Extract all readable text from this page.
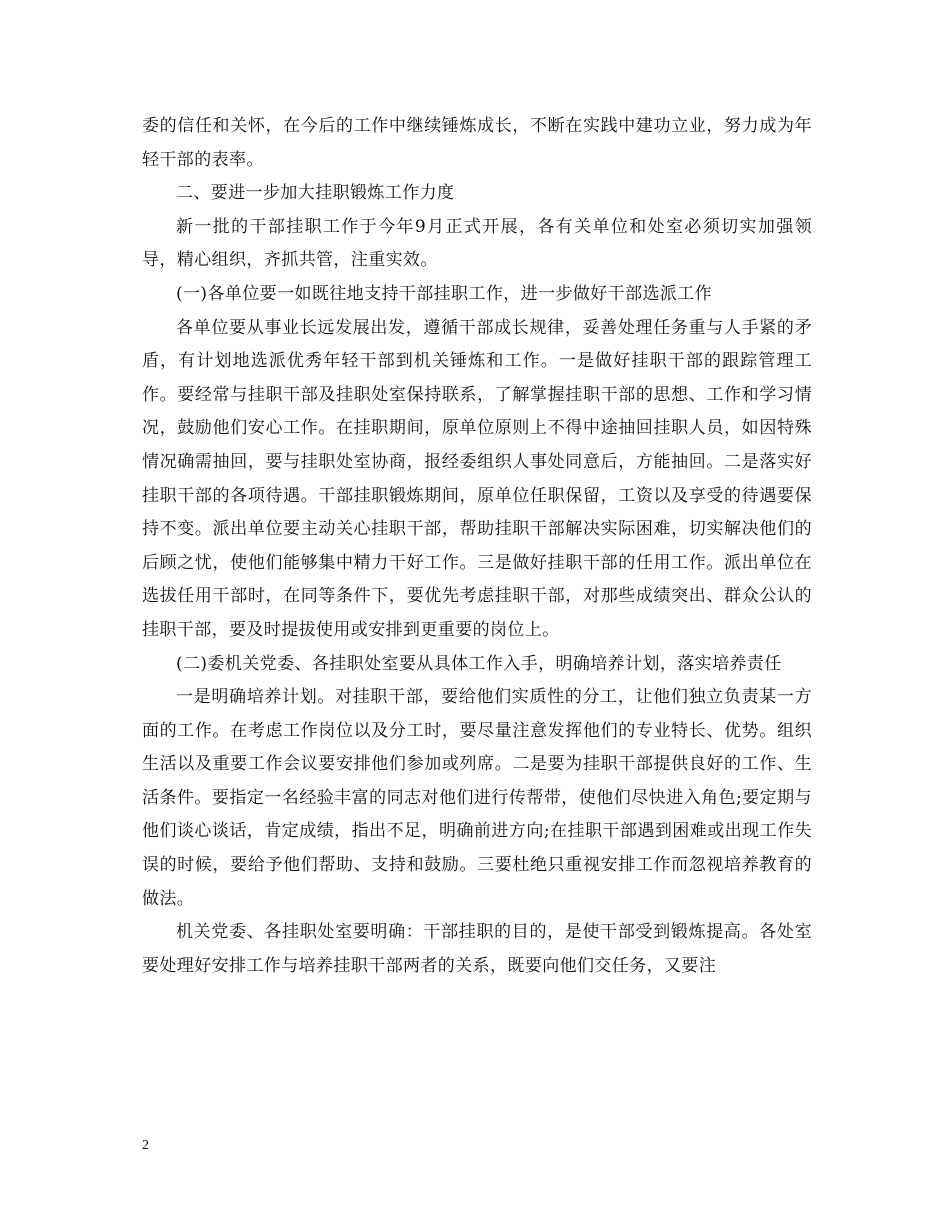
委的信任和关怀，在今后的工作中继续锤炼成长，不断在实践中建功立业，努力成为年轻干部的表率。

二、要进一步加大挂职锻炼工作力度

新一批的干部挂职工作于今年9月正式开展，各有关单位和处室必须切实加强领导，精心组织，齐抓共管，注重实效。

(一)各单位要一如既往地支持干部挂职工作，进一步做好干部选派工作

各单位要从事业长远发展出发，遵循干部成长规律，妥善处理任务重与人手紧的矛盾，有计划地选派优秀年轻干部到机关锤炼和工作。一是做好挂职干部的跟踪管理工作。要经常与挂职干部及挂职处室保持联系，了解掌握挂职干部的思想、工作和学习情况，鼓励他们安心工作。在挂职期间，原单位原则上不得中途抽回挂职人员，如因特殊情况确需抽回，要与挂职处室协商，报经委组织人事处同意后，方能抽回。二是落实好挂职干部的各项待遇。干部挂职锻炼期间，原单位任职保留，工资以及享受的待遇要保持不变。派出单位要主动关心挂职干部，帮助挂职干部解决实际困难，切实解决他们的后顾之忧，使他们能够集中精力干好工作。三是做好挂职干部的任用工作。派出单位在选拔任用干部时，在同等条件下，要优先考虑挂职干部，对那些成绩突出、群众公认的挂职干部，要及时提拔使用或安排到更重要的岗位上。

(二)委机关党委、各挂职处室要从具体工作入手，明确培养计划，落实培养责任

一是明确培养计划。对挂职干部，要给他们实质性的分工，让他们独立负责某一方面的工作。在考虑工作岗位以及分工时，要尽量注意发挥他们的专业特长、优势。组织生活以及重要工作会议要安排他们参加或列席。二是要为挂职干部提供良好的工作、生活条件。要指定一名经验丰富的同志对他们进行传帮带，使他们尽快进入角色;要定期与他们谈心谈话，肯定成绩，指出不足，明确前进方向;在挂职干部遇到困难或出现工作失误的时候，要给予他们帮助、支持和鼓励。三要杜绝只重视安排工作而忽视培养教育的做法。

机关党委、各挂职处室要明确：干部挂职的目的，是使干部受到锻炼提高。各处室要处理好安排工作与培养挂职干部两者的关系，既要向他们交任务，又要注

2
